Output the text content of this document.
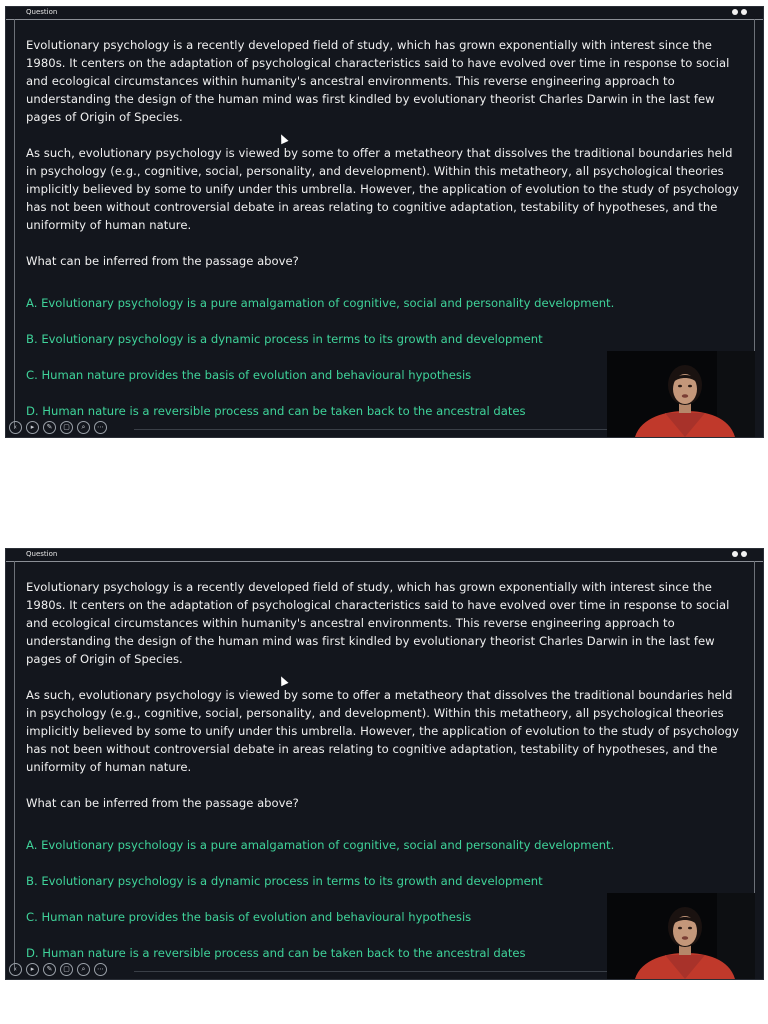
Question

Evolutionary psychology is a recently developed field of study, which has grown exponentially with interest since the 1980s. It centers on the adaptation of psychological characteristics said to have evolved over time in response to social and ecological circumstances within humanity's ancestral environments. This reverse engineering approach to understanding the design of the human mind was first kindled by evolutionary theorist Charles Darwin in the last few pages of Origin of Species.

As such, evolutionary psychology is viewed by some to offer a metatheory that dissolves the traditional boundaries held in psychology (e.g., cognitive, social, personality, and development). Within this metatheory, all psychological theories implicitly believed by some to unify under this umbrella. However, the application of evolution to the study of psychology has not been without controversial debate in areas relating to cognitive adaptation, testability of hypotheses, and the uniformity of human nature.

What can be inferred from the passage above?

A. Evolutionary psychology is a pure amalgamation of cognitive, social and personality development.

B. Evolutionary psychology is a dynamic process in terms to its growth and development

C. Human nature provides the basis of evolution and behavioural hypothesis

D. Human nature is a reversible process and can be taken back to the ancestral dates

‹	▸	✎	▢	⌕	⋯
Question

Evolutionary psychology is a recently developed field of study, which has grown exponentially with interest since the 1980s. It centers on the adaptation of psychological characteristics said to have evolved over time in response to social and ecological circumstances within humanity's ancestral environments. This reverse engineering approach to understanding the design of the human mind was first kindled by evolutionary theorist Charles Darwin in the last few pages of Origin of Species.

As such, evolutionary psychology is viewed by some to offer a metatheory that dissolves the traditional boundaries held in psychology (e.g., cognitive, social, personality, and development). Within this metatheory, all psychological theories implicitly believed by some to unify under this umbrella. However, the application of evolution to the study of psychology has not been without controversial debate in areas relating to cognitive adaptation, testability of hypotheses, and the uniformity of human nature.

What can be inferred from the passage above?

A. Evolutionary psychology is a pure amalgamation of cognitive, social and personality development.

B. Evolutionary psychology is a dynamic process in terms to its growth and development

C. Human nature provides the basis of evolution and behavioural hypothesis

D. Human nature is a reversible process and can be taken back to the ancestral dates

‹	▸	✎	▢	⌕	⋯
